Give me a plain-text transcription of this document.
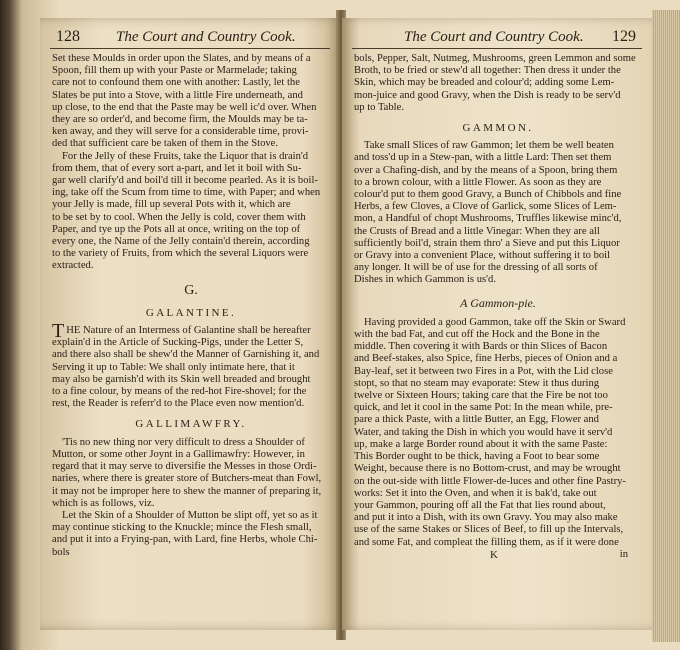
128 The Court and Country Cook.
Set these Moulds in order upon the Slates, and by means of a
Spoon, fill them up with your Paste or Marmelade; taking
care not to confound them one with another: Lastly, let the
Slates be put into a Stove, with a little Fire underneath, and
up close, to the end that the Paste may be well ic'd over. When
they are so order'd, and become firm, the Moulds may be ta-
ken away, and they will serve for a considerable time, provi-
ded that sufficient care be taken of them in the Stove.
For the Jelly of these Fruits, take the Liquor that is drain'd
from them, that of every sort a-part, and let it boil with Su-
gar well clarify'd and boil'd till it become pearled. As it is boil-
ing, take off the Scum from time to time, with Paper; and when
your Jelly is made, fill up several Pots with it, which are
to be set by to cool. When the Jelly is cold, cover them with
Paper, and tye up the Pots all at once, writing on the top of
every one, the Name of the Jelly contain'd therein, according
to the variety of Fruits, from which the several Liquors were
extracted.
G.
GALANTINE.
T HE Nature of an Intermess of Galantine shall be hereafter
explain'd in the Article of Sucking-Pigs, under the Letter S,
and there also shall be shew'd the Manner of Garnishing it, and
Serving it up to Table: We shall only intimate here, that it
may also be garnish'd with its Skin well breaded and brought
to a fine colour, by means of the red-hot Fire-shovel; for the
rest, the Reader is referr'd to the Place even now mention'd.
GALLIMAWFRY.
'Tis no new thing nor very difficult to dress a Shoulder of
Mutton, or some other Joynt in a Gallimawfry: However, in
regard that it may serve to diversifie the Messes in those Ordi-
naries, where there is greater store of Butchers-meat than Fowl,
it may not be improper here to shew the manner of preparing it,
which is as follows, viz.
Let the Skin of a Shoulder of Mutton be slipt off, yet so as it
may continue sticking to the Knuckle; mince the Flesh small,
and put it into a Frying-pan, with Lard, fine Herbs, whole Chi-
bols
The Court and Country Cook. 129
bols, Pepper, Salt, Nutmeg, Mushrooms, green Lemmon and some
Broth, to be fried or stew'd all together: Then dress it under the
Skin, which may be breaded and colour'd; adding some Lem-
mon-juice and good Gravy, when the Dish is ready to be serv'd
up to Table.
GAMMON.
Take small Slices of raw Gammon; let them be well beaten
and toss'd up in a Stew-pan, with a little Lard: Then set them
over a Chafing-dish, and by the means of a Spoon, bring them
to a brown colour, with a little Flower. As soon as they are
colour'd put to them good Gravy, a Bunch of Chibbols and fine
Herbs, a few Cloves, a Clove of Garlick, some Slices of Lem-
mon, a Handful of chopt Mushrooms, Truffles likewise minc'd,
the Crusts of Bread and a little Vinegar: When they are all
sufficiently boil'd, strain them thro' a Sieve and put this Liquor
or Gravy into a convenient Place, without suffering it to boil
any longer. It will be of use for the dressing of all sorts of
Dishes in which Gammon is us'd.
A Gammon-pie.
Having provided a good Gammon, take off the Skin or Sward
with the bad Fat, and cut off the Hock and the Bone in the
middle. Then covering it with Bards or thin Slices of Bacon
and Beef-stakes, also Spice, fine Herbs, pieces of Onion and a
Bay-leaf, set it between two Fires in a Pot, with the Lid close
stopt, so that no steam may evaporate: Stew it thus during
twelve or Sixteen Hours; taking care that the Fire be not too
quick, and let it cool in the same Pot: In the mean while, pre-
pare a thick Paste, with a little Butter, an Egg, Flower and
Water, and taking the Dish in which you would have it serv'd
up, make a large Border round about it with the same Paste:
This Border ought to be thick, having a Foot to bear some
Weight, because there is no Bottom-crust, and may be wrought
on the out-side with little Flower-de-luces and other fine Pastry-
works: Set it into the Oven, and when it is bak'd, take out
your Gammon, pouring off all the Fat that lies round about,
and put it into a Dish, with its own Gravy. You may also make
use of the same Stakes or Slices of Beef, to fill up the Intervals,
and some Fat, and compleat the filling them, as if it were done
K	in
